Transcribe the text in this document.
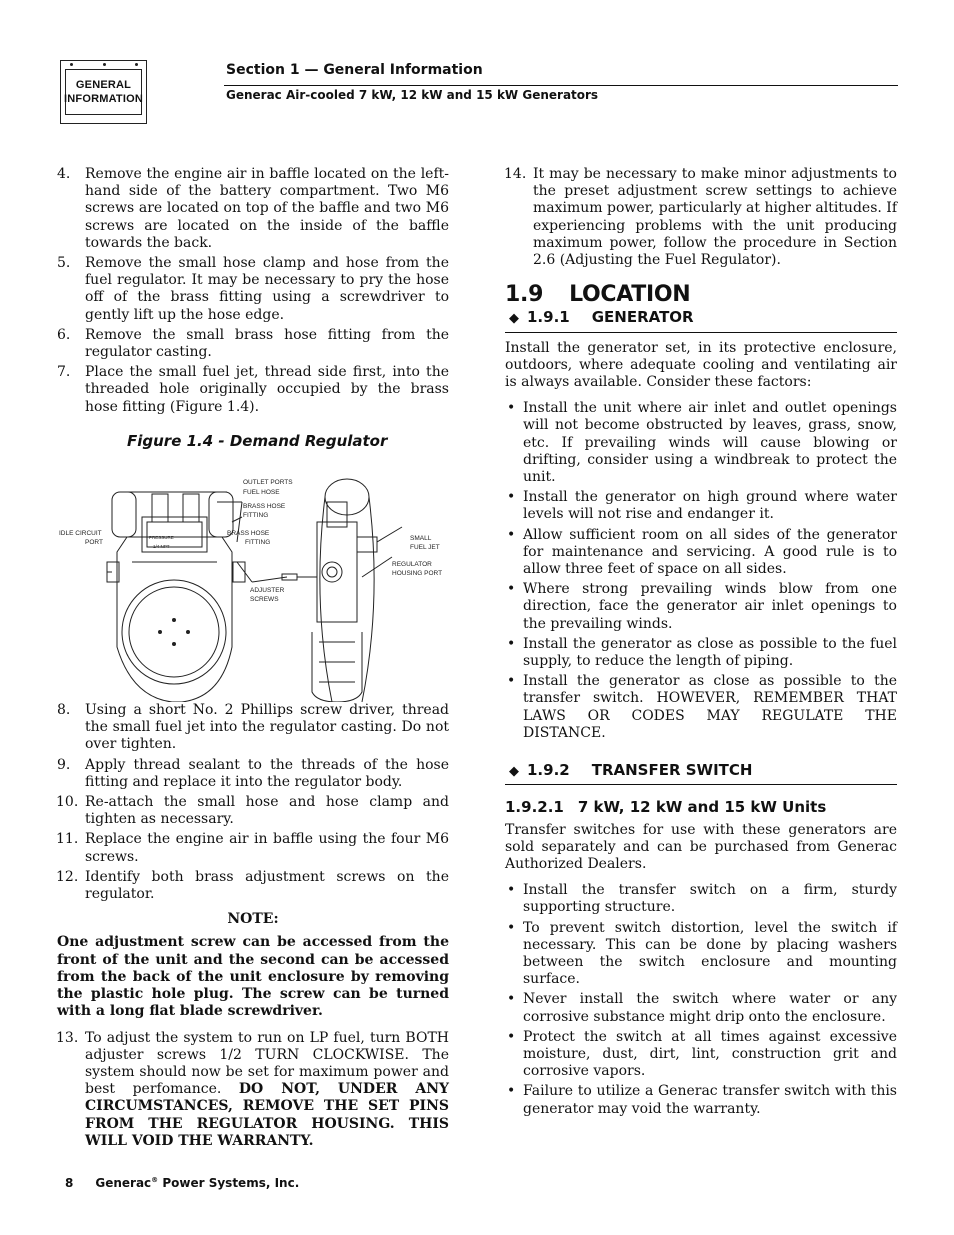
GENERAL
INFORMATION
Section 1 — General Information
Generac Air-cooled 7 kW, 12 kW and 15 kW Generators
4. Remove the engine air in baffle located on the left-hand side of the battery compartment. Two M6 screws are located on top of the baffle and two M6 screws are located on the inside of the baffle towards the back.
5. Remove the small hose clamp and hose from the fuel regulator. It may be necessary to pry the hose off of the brass fitting using a screwdriver to gently lift up the hose edge.
6. Remove the small brass hose fitting from the regulator casting.
7. Place the small fuel jet, thread side first, into the threaded hole originally occupied by the brass hose fitting (Figure 1.4).
Figure 1.4 - Demand Regulator
OUTLET PORTS
FUEL HOSE
BRASS HOSE
FITTING
IDLE CIRCUIT
PORT
BRASS HOSE
FITTING
ADJUSTER
SCREWS
SMALL
FUEL JET
REGULATOR
HOUSING PORT
PRESSURE
1/4 NPT
8. Using a short No. 2 Phillips screw driver, thread the small fuel jet into the regulator casting. Do not over tighten.
9. Apply thread sealant to the threads of the hose fitting and replace it into the regulator body.
10. Re-attach the small hose and hose clamp and tighten as necessary.
11. Replace the engine air in baffle using the four M6 screws.
12. Identify both brass adjustment screws on the regulator.
NOTE:
One adjustment screw can be accessed from the front of the unit and the second can be accessed from the back of the unit enclosure by removing the plastic hole plug. The screw can be turned with a long flat blade screwdriver.
13. To adjust the system to run on LP fuel, turn BOTH adjuster screws 1/2 TURN CLOCKWISE. The system should now be set for maximum power and best perfomance. DO NOT, UNDER ANY CIRCUMSTANCES, REMOVE THE SET PINS FROM THE REGULATOR HOUSING. THIS WILL VOID THE WARRANTY.
14. It may be necessary to make minor adjustments to the preset adjustment screw settings to achieve maximum power, particularly at higher altitudes. If experiencing problems with the unit producing maximum power, follow the procedure in Section 2.6 (Adjusting the Fuel Regulator).
1.9 LOCATION
◆ 1.9.1 GENERATOR
Install the generator set, in its protective enclosure, outdoors, where adequate cooling and ventilating air is always available. Consider these factors:
• Install the unit where air inlet and outlet openings will not become obstructed by leaves, grass, snow, etc. If prevailing winds will cause blowing or drifting, consider using a windbreak to protect the unit.
• Install the generator on high ground where water levels will not rise and endanger it.
• Allow sufficient room on all sides of the generator for maintenance and servicing. A good rule is to allow three feet of space on all sides.
• Where strong prevailing winds blow from one direction, face the generator air inlet openings to the prevailing winds.
• Install the generator as close as possible to the fuel supply, to reduce the length of piping.
• Install the generator as close as possible to the transfer switch. HOWEVER, REMEMBER THAT LAWS OR CODES MAY REGULATE THE DISTANCE.
◆ 1.9.2 TRANSFER SWITCH
1.9.2.1 7 kW, 12 kW and 15 kW Units
Transfer switches for use with these generators are sold separately and can be purchased from Generac Authorized Dealers.
• Install the transfer switch on a firm, sturdy supporting structure.
• To prevent switch distortion, level the switch if necessary. This can be done by placing washers between the switch enclosure and mounting surface.
• Never install the switch where water or any corrosive substance might drip onto the enclosure.
• Protect the switch at all times against excessive moisture, dust, dirt, lint, construction grit and corrosive vapors.
• Failure to utilize a Generac transfer switch with this generator may void the warranty.
8 Generac® Power Systems, Inc.
